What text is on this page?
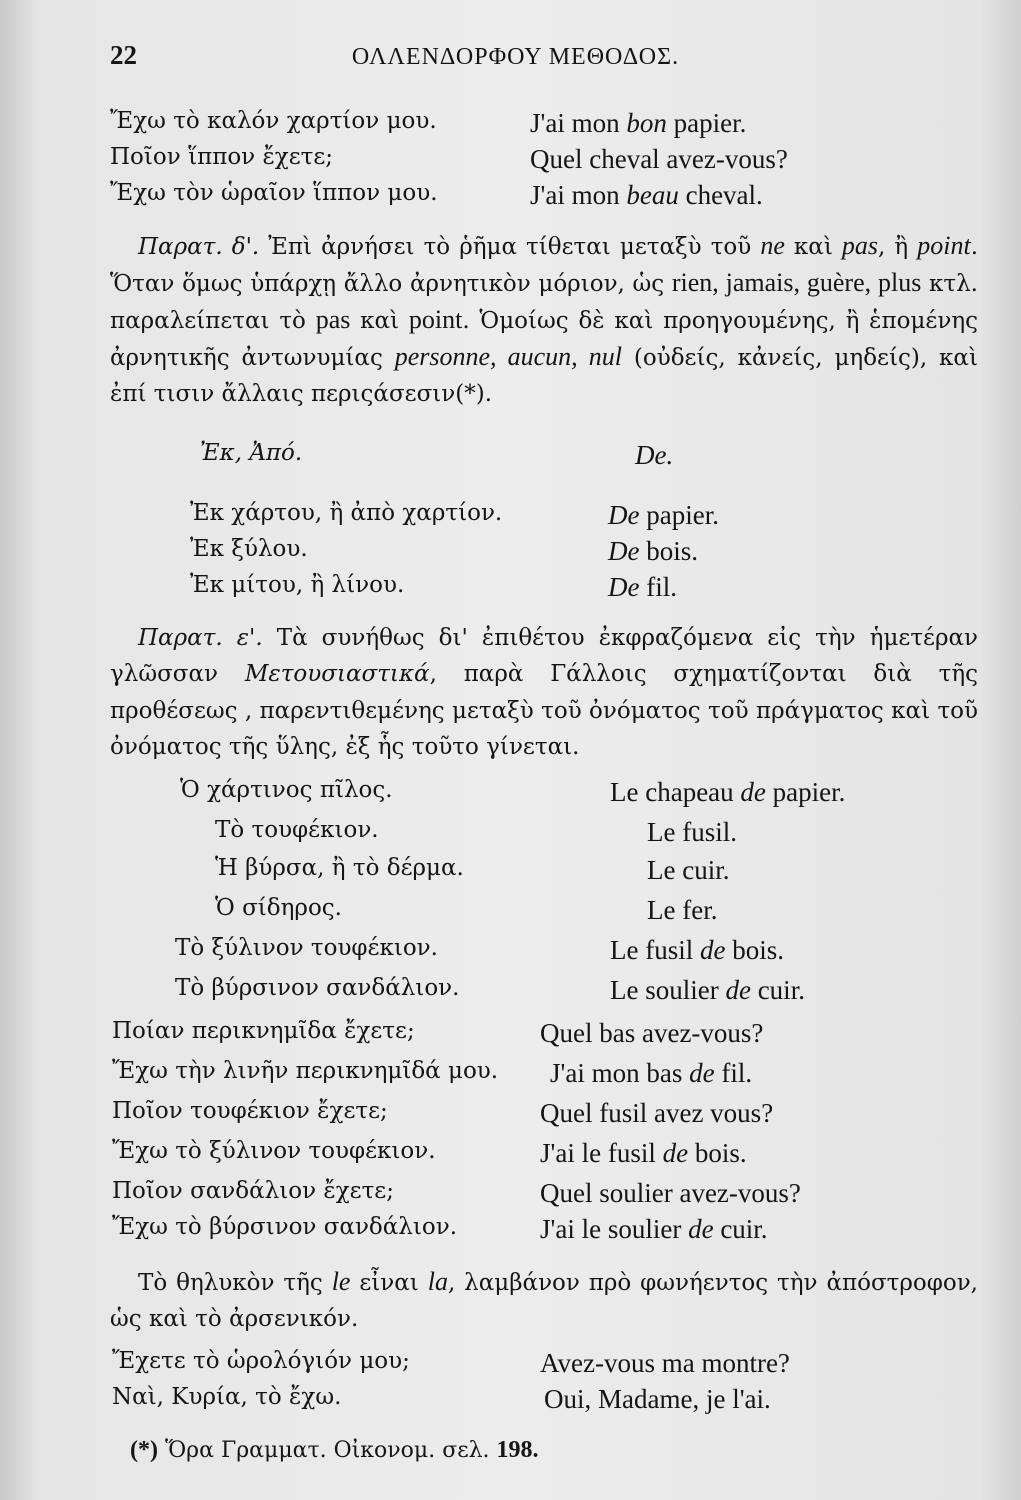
22	ΟΛΛΕΝΔΟΡΦΟΥ ΜΕΘΟΔΟΣ.
Ἔχω τὸ καλόν χαρτίον μου.	J'ai mon bon papier.
Ποῖον ἵππον ἔχετε;	Quel cheval avez-vous?
Ἔχω τὸν ὡραῖον ἵππον μου.	J'ai mon beau cheval.
Παρατ. δ'. Ἐπὶ ἀρνήσει τὸ ῥῆμα τίθεται μεταξὺ τοῦ ne καὶ pas, ἢ point. Ὅταν ὅμως ὑπάρχῃ ἄλλο ἀρνητικὸν μόριον, ὡς rien, jamais, guère, plus κτλ. παραλείπεται τὸ pas καὶ point. Ὁμοίως δὲ καὶ προηγουμένης, ἢ ἑπομένης ἀρνητικῆς ἀντωνυμίας personne, aucun, nul (οὐδείς, κἀνείς, μηδείς), καὶ ἐπί τισιν ἄλλαις περιςάσεσιν(*).
Ἐκ, Ἀπό.	De.
Ἐκ χάρτου, ἢ ἀπὸ χαρτίον.	De papier.
Ἐκ ξύλου.	De bois.
Ἐκ μίτου, ἢ λίνου.	De fil.
Παρατ. ε'. Τὰ συνήθως δι' ἐπιθέτου ἐκφραζόμενα εἰς τὴν ἡμετέραν γλῶσσαν Μετουσιαστικά, παρὰ Γάλλοις σχηματίζονται διὰ τῆς προθέσεως , παρεντιθεμένης μεταξὺ τοῦ ὀνόματος τοῦ πράγματος καὶ τοῦ ὀνόματος τῆς ὕλης, ἐξ ἧς τοῦτο γίνεται.
Ὁ χάρτινος πῖλος.	Le chapeau de papier.
Τὸ τουφέκιον.	Le fusil.
Ἡ βύρσα, ἢ τὸ δέρμα.	Le cuir.
Ὁ σίδηρος.	Le fer.
Τὸ ξύλινον τουφέκιον.	Le fusil de bois.
Τὸ βύρσινον σανδάλιον.	Le soulier de cuir.
Ποίαν περικνημῖδα ἔχετε;	Quel bas avez-vous?
Ἔχω τὴν λινῆν περικνημῖδά μου. J'ai mon bas de fil.
Ποῖον τουφέκιον ἔχετε;	Quel fusil avez vous?
Ἔχω τὸ ξύλινον τουφέκιον.	J'ai le fusil de bois.
Ποῖον σανδάλιον ἔχετε;	Quel soulier avez-vous?
Ἔχω τὸ βύρσινον σανδάλιον.	J'ai le soulier de cuir.
Τὸ θηλυκὸν τῆς le εἶναι la, λαμβάνον πρὸ φωνήεντος τὴν ἀπόστροφον, ὡς καὶ τὸ ἀρσενικόν.
Ἔχετε τὸ ὡρολόγιόν μου;	Avez-vous ma montre?
Ναὶ, Κυρία, τὸ ἔχω.	Oui, Madame, je l'ai.
(*) Ὅρα Γραμματ. Οἰκονομ. σελ. 198.
